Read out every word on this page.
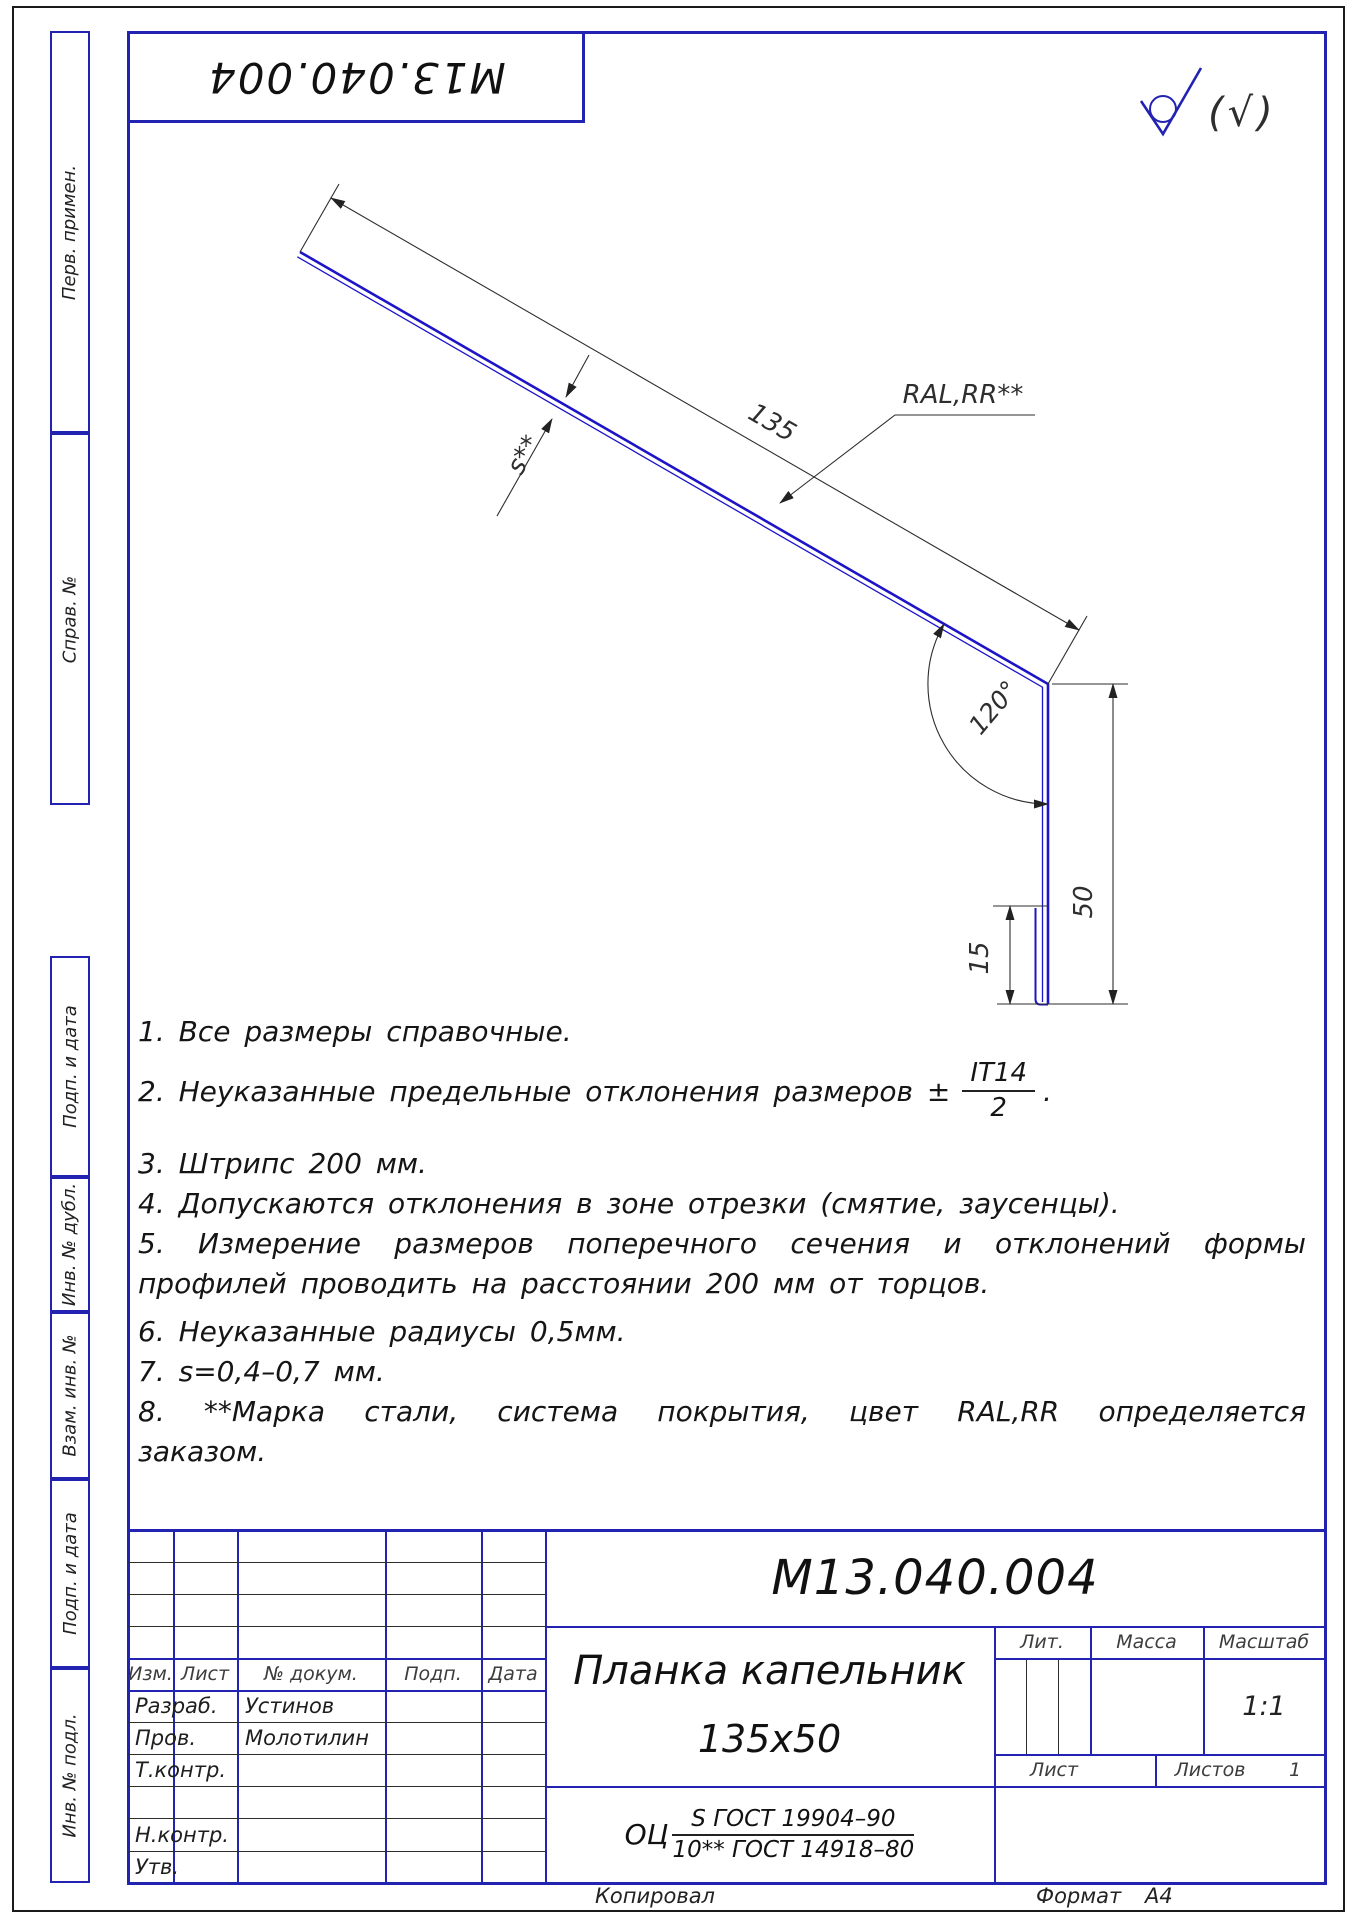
Перв. примен.
Справ. №
Подп. и дата
Инв. № дубл.
Взам. инв. №
Подп. и дата
Инв. № подл.
М13.040.004
135
s**
RAL,RR**
120°
50
15
(√)
1. Все размеры справочные.
2. Неуказанные предельные отклонения размеров ± $\frac{IT14}{2}$ .
3. Штрипс 200 мм.
4. Допускаются отклонения в зоне отрезки (смятие, заусенцы).
5. Измерение размеров поперечного сечения и отклонений формы
профилей проводить на расстоянии 200 мм от торцов.
6. Неуказанные радиусы 0,5мм.
7. s=0,4–0,7 мм.
8. **Марка стали, система покрытия, цвет RAL,RR определяется
заказом.
Изм. Лист	№ докум.	Подп.	Дата
Разраб.	Устинов
Пров.	Молотилин
Т.контр.
Н.контр.
Утв.
М13.040.004
Планка капельник
135x50
ОЦ S ГОСТ 19904–90
10** ГОСТ 14918–80
Лит.	Масса	Масштаб
1:1
Лист	Листов	1
Копировал	Формат А4
